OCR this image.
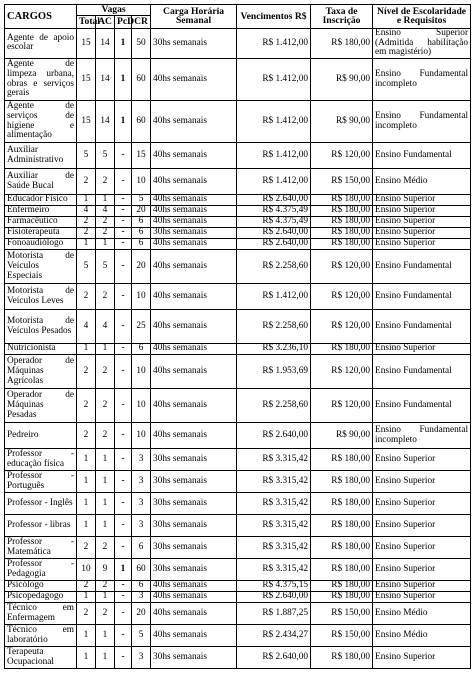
CARGOS	Vagas				Carga Horária Semanal	Vencimentos R$	Taxa de Inscrição	Nível de Escolaridade e Requisitos
	Total	AC	PcD	CR				
Agente de apoio escolar	15	14	1	50	30hs semanais	R$ 1.412,00	R$ 180,00	Ensino Superior (Admitida habilitação em magistério)
Agente de limpeza urbana, obras e serviços gerais	15	14	1	60	40hs semanais	R$ 1.412,00	R$ 90,00	Ensino Fundamental incompleto
Agente de serviços de higiene e alimentação	15	14	1	60	40hs semanais	R$ 1.412,00	R$ 90,00	Ensino Fundamental incompleto
Auxiliar Administrativo	5	5	-	15	40hs semanais	R$ 1.412,00	R$ 120,00	Ensino Fundamental
Auxiliar de Saúde Bucal	2	2	-	10	40hs semanais	R$ 1.412,00	R$ 150,00	Ensino Médio
Educador Físico	1	1	-	5	40hs semanais	R$ 2.640,00	R$ 180,00	Ensino Superior
Enfermeiro	4	4	-	20	40hs semanais	R$ 4.375,49	R$ 180,00	Ensino Superior
Farmacêutico	2	2	-	6	40hs semanais	R$ 4.375,49	R$ 180,00	Ensino Superior
Fisioterapeuta	2	2	-	6	30hs semanais	R$ 2.640,00	R$ 180,00	Ensino Superior
Fonoaudiólogo	1	1	-	6	40hs semanais	R$ 2.640,00	R$ 180,00	Ensino Superior
Motorista de Veículos Especiais	5	5	-	20	40hs semanais	R$ 2.258,60	R$ 120,00	Ensino Fundamental
Motorista de Veículos Leves	2	2	-	10	40hs semanais	R$ 1.412,00	R$ 120,00	Ensino Fundamental
Motorista de Veículos Pesados	4	4	-	25	40hs semanais	R$ 2.258,60	R$ 120,00	Ensino Fundamental
Nutricionista	1	1	-	6	40hs semanais	R$ 3.236,10	R$ 180,00	Ensino Superior
Operador de Máquinas Agrícolas	2	2	-	10	40hs semanais	R$ 1.953,69	R$ 120,00	Ensino Fundamental
Operador de Máquinas Pesadas	2	2	-	10	40hs semanais	R$ 2.258,60	R$ 120,00	Ensino Fundamental
Pedreiro	2	2	-	10	40hs semanais	R$ 2.640,00	R$ 90,00	Ensino Fundamental incompleto
Professor - educação física	1	1	-	3	30hs semanais	R$ 3.315,42	R$ 180,00	Ensino Superior
Professor - Português	1	1	-	3	30hs semanais	R$ 3.315,42	R$ 180,00	Ensino Superior
Professor - Inglês	1	1	-	3	30hs semanais	R$ 3.315,42	R$ 180,00	Ensino Superior
Professor - libras	1	1	-	3	30hs semanais	R$ 3.315,42	R$ 180,00	Ensino Superior
Professor - Matemática	2	2	-	6	30hs semanais	R$ 3.315,42	R$ 180,00	Ensino Superior
Professor - Pedagogia	10	9	1	60	30hs semanais	R$ 3.315,42	R$ 180,00	Ensino Superior
Psicólogo	2	2	-	6	40hs semanais	R$ 4.375,15	R$ 180,00	Ensino Superior
Psicopedagogo	1	1	-	3	40hs semanais	R$ 2.640,00	R$ 180,00	Ensino Superior
Técnico em Enfermagem	2	2	-	20	40hs semanais	R$ 1.887,25	R$ 150,00	Ensino Médio
Técnico em laboratório	1	1	-	5	40hs semanais	R$ 2.434,27	R$ 150,00	Ensino Médio
Terapeuta Ocupacional	1	1	-	3	30hs semanais	R$ 2.640,00	R$ 180,00	Ensino Superior
